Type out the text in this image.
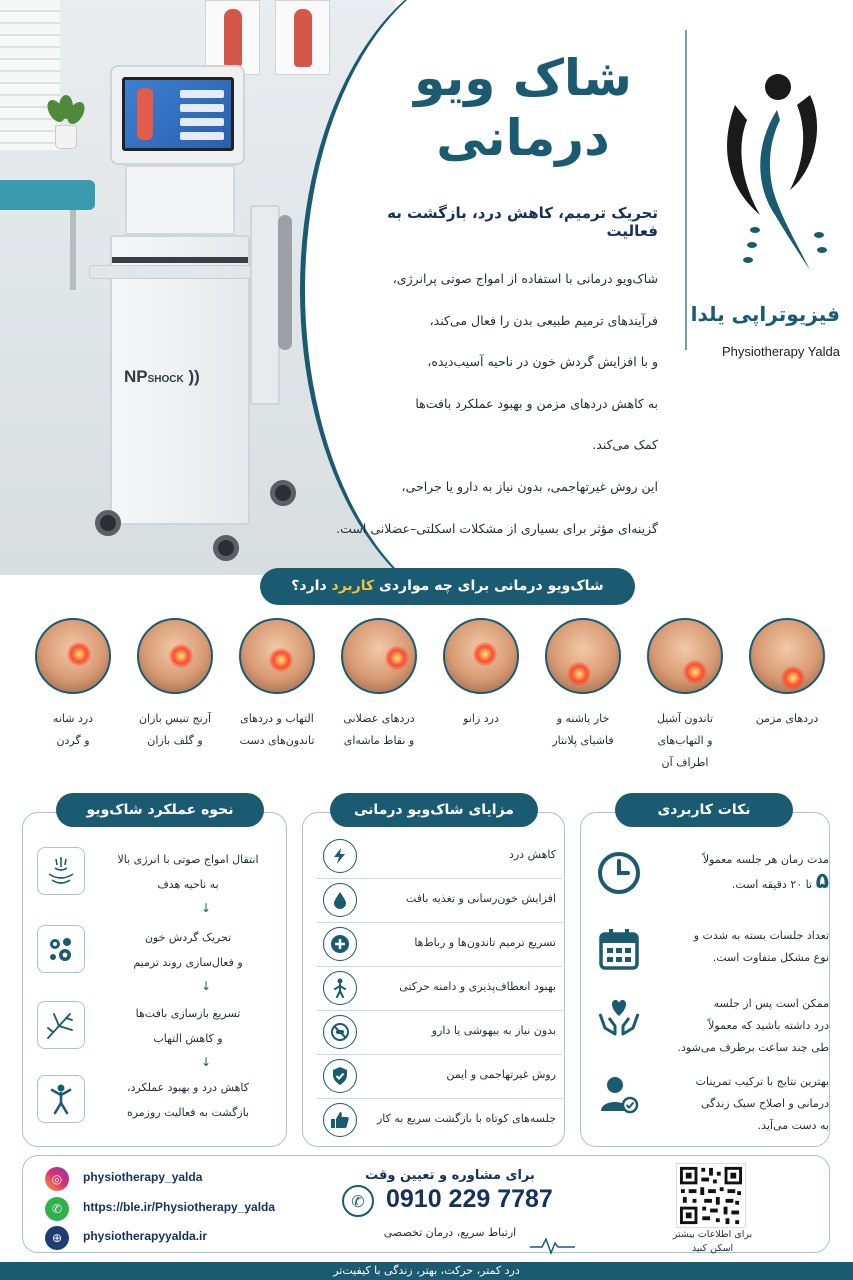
NPSHOCK ))
شاک ویو
درمانی
تحریک ترمیم، کاهش درد، بازگشت به فعالیت
شاک‌ویو درمانی با استفاده از امواج صوتی پرانرژی،
فرآیندهای ترمیم طبیعی بدن را فعال می‌کند،
و با افزایش گردش خون در ناحیه آسیب‌دیده،
به کاهش دردهای مزمن و بهبود عملکرد بافت‌ها
کمک می‌کند.
این روش غیرتهاجمی، بدون نیاز به دارو یا جراحی،
گزینه‌ای مؤثر برای بسیاری از مشکلات اسکلتی–عضلانی است.
فیزیوتراپی یلدا
Physiotherapy Yalda
شاک‌ویو درمانی برای چه مواردی کاربرد دارد؟
دردهای مزمن
تاندون آشیل
و التهاب‌های
اطراف آن
خار پاشنه و
فاشیای پلانتار
درد زانو
دردهای عضلانی
و نقاط ماشه‌ای
التهاب و دردهای
تاندون‌های دست
آرنج تنیس بازان
و گلف بازان
درد شانه
و گردن
انتقال امواج صوتی با انرژی بالا
به ناحیه هدف
↓
تحریک گردش خون
و فعال‌سازی روند ترمیم
↓
تسریع بازسازی بافت‌ها
و کاهش التهاب
↓
کاهش درد و بهبود عملکرد،
بازگشت به فعالیت روزمره
نحوه عملکرد شاک‌ویو
کاهش درد
افزایش خون‌رسانی و تغذیه بافت
تسریع ترمیم تاندون‌ها و رباط‌ها
بهبود انعطاف‌پذیری و دامنه حرکتی
بدون نیاز به بیهوشی یا دارو
روش غیرتهاجمی و ایمن
جلسه‌های کوتاه با بازگشت سریع به کار
مزایای شاک‌ویو درمانی
مدت زمان هر جلسه معمولاً
۵ تا ۲۰ دقیقه است.
تعداد جلسات بسته به شدت و
نوع مشکل متفاوت است.
ممکن است پس از جلسه
درد داشته باشید که معمولاً
طی چند ساعت برطرف می‌شود.
بهترین نتایج با ترکیب تمرینات
درمانی و اصلاح سبک زندگی
به دست می‌آید.
نکات کاربردی
◎	physiotherapy_yalda
✆	https://ble.ir/Physiotherapy_yalda
⊕	physiotherapyyalda.ir
برای مشاوره و تعیین وقت
✆ 0910 229 7787
ارتباط سریع، درمان تخصصی	برای اطلاعات بیشتر
اسکن کنید
درد کمتر، حرکت، بهتر، زندگی با کیفیت‌تر
